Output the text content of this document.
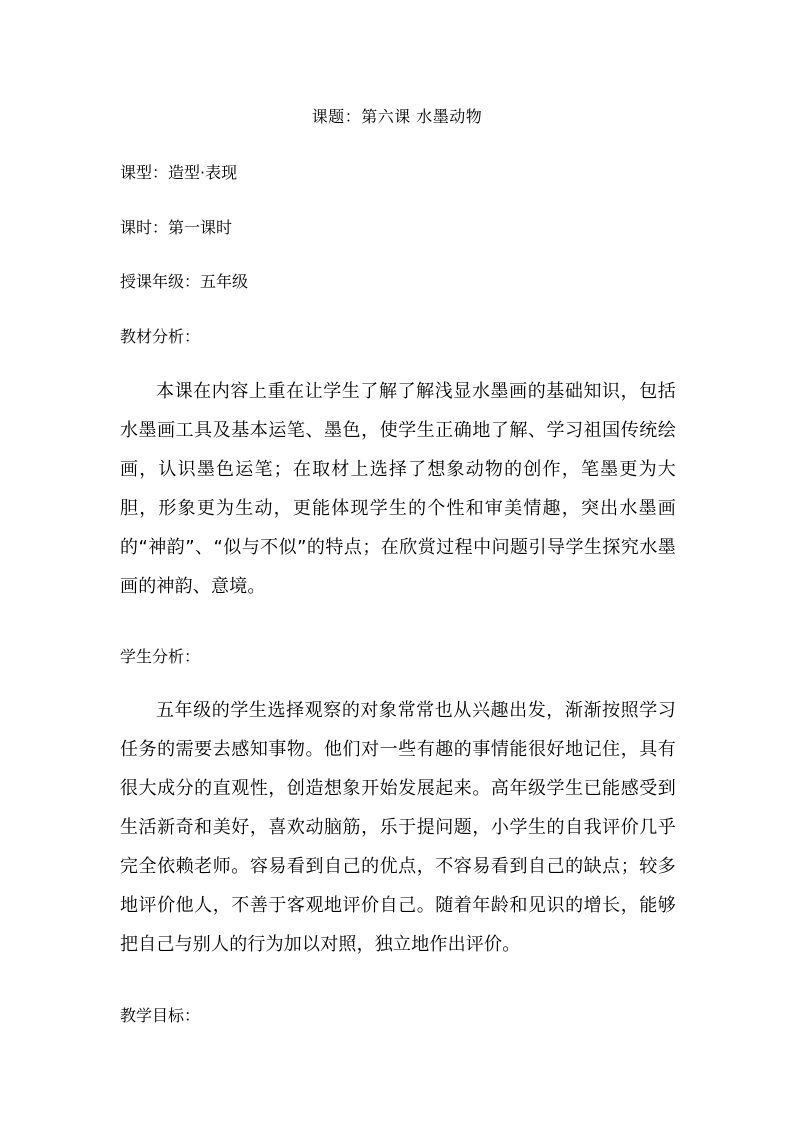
课题：第六课 水墨动物
课型：造型·表现
课时：第一课时
授课年级：五年级
教材分析：
本课在内容上重在让学生了解了解浅显水墨画的基础知识，包括水墨画工具及基本运笔、墨色，使学生正确地了解、学习祖国传统绘画，认识墨色运笔；在取材上选择了想象动物的创作，笔墨更为大胆，形象更为生动，更能体现学生的个性和审美情趣，突出水墨画的“神韵”、“似与不似”的特点；在欣赏过程中问题引导学生探究水墨画的神韵、意境。
学生分析：
五年级的学生选择观察的对象常常也从兴趣出发，渐渐按照学习任务的需要去感知事物。他们对一些有趣的事情能很好地记住，具有很大成分的直观性，创造想象开始发展起来。高年级学生已能感受到生活新奇和美好，喜欢动脑筋，乐于提问题，小学生的自我评价几乎完全依赖老师。容易看到自己的优点，不容易看到自己的缺点；较多地评价他人，不善于客观地评价自己。随着年龄和见识的增长，能够把自己与别人的行为加以对照，独立地作出评价。
教学目标：
